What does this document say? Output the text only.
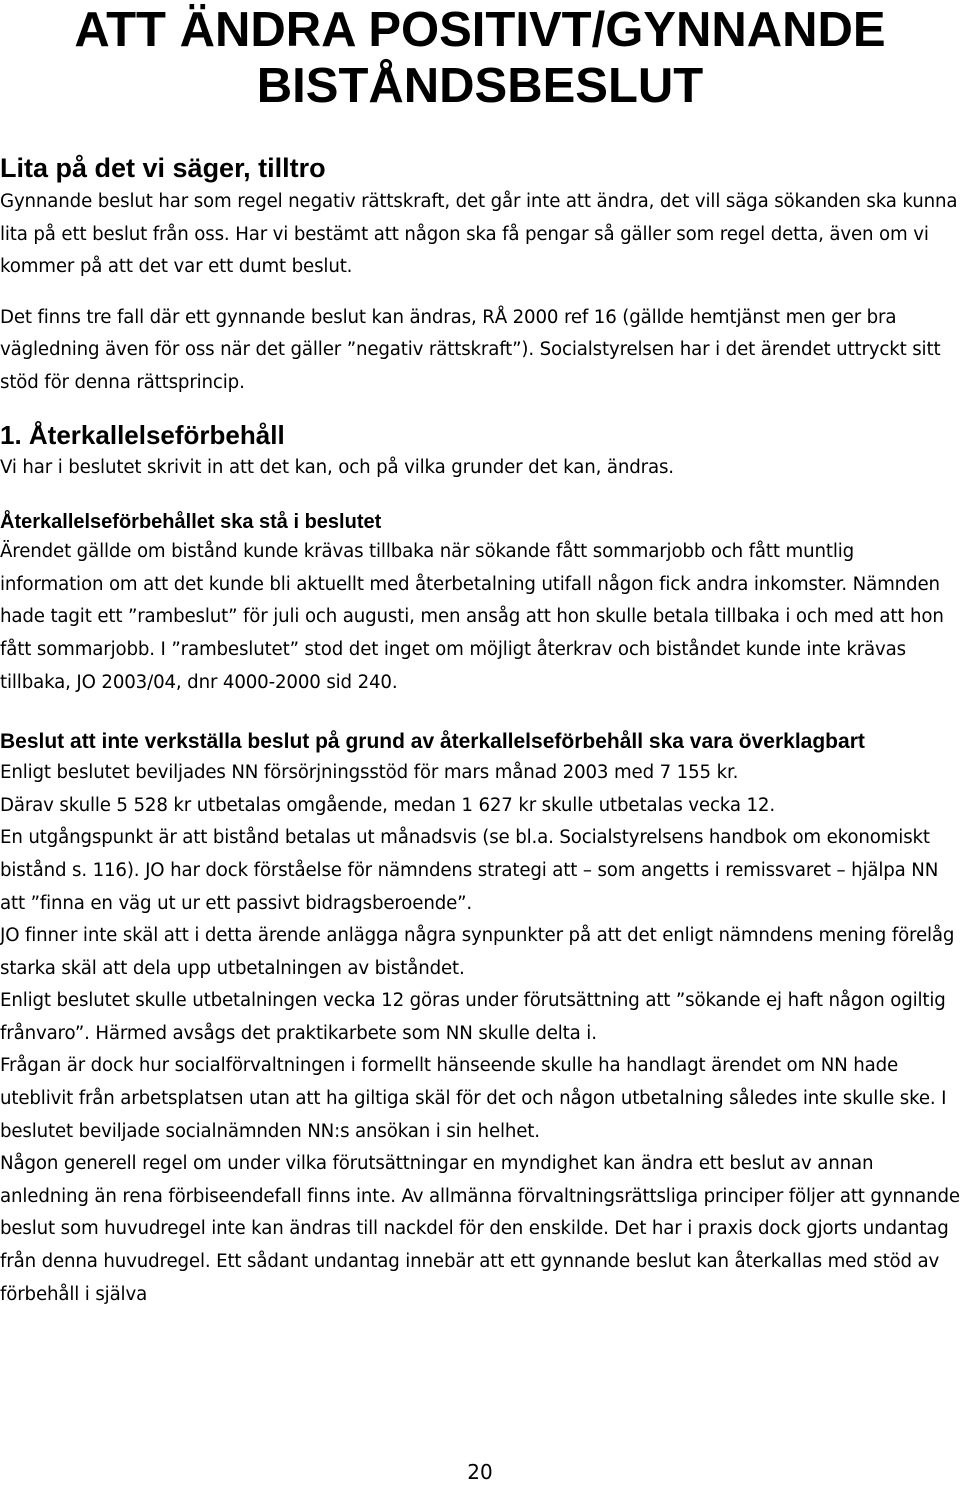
ATT ÄNDRA POSITIVT/GYNNANDE
BISTÅNDSBESLUT
Lita på det vi säger, tilltro

Gynnande beslut har som regel negativ rättskraft, det går inte att ändra, det vill säga sökanden ska kunna lita på ett beslut från oss. Har vi bestämt att någon ska få pengar så gäller som regel detta, även om vi kommer på att det var ett dumt beslut.

Det finns tre fall där ett gynnande beslut kan ändras, RÅ 2000 ref 16 (gällde hemtjänst men ger bra vägledning även för oss när det gäller ”negativ rättskraft”). Socialstyrelsen har i det ärendet uttryckt sitt stöd för denna rättsprincip.

1. Återkallelseförbehåll

Vi har i beslutet skrivit in att det kan, och på vilka grunder det kan, ändras.

Återkallelseförbehållet ska stå i beslutet

Ärendet gällde om bistånd kunde krävas tillbaka när sökande fått sommarjobb och fått muntlig information om att det kunde bli aktuellt med återbetalning utifall någon fick andra inkomster. Nämnden hade tagit ett ”rambeslut” för juli och augusti, men ansåg att hon skulle betala tillbaka i och med att hon fått sommarjobb. I ”rambeslutet” stod det inget om möjligt återkrav och biståndet kunde inte krävas tillbaka, JO 2003/04, dnr 4000-2000 sid 240.

Beslut att inte verkställa beslut på grund av återkallelseförbehåll ska vara överklagbart

Enligt beslutet beviljades NN försörjningsstöd för mars månad 2003 med 7 155 kr.

Därav skulle 5 528 kr utbetalas omgående, medan 1 627 kr skulle utbetalas vecka 12.

En utgångspunkt är att bistånd betalas ut månadsvis (se bl.a. Socialstyrelsens handbok om ekonomiskt bistånd s. 116). JO har dock förståelse för nämndens strategi att – som angetts i remissvaret – hjälpa NN att ”finna en väg ut ur ett passivt bidragsberoende”.

JO finner inte skäl att i detta ärende anlägga några synpunkter på att det enligt nämndens mening förelåg starka skäl att dela upp utbetalningen av biståndet.

Enligt beslutet skulle utbetalningen vecka 12 göras under förutsättning att ”sökande ej haft någon ogiltig frånvaro”. Härmed avsågs det praktikarbete som NN skulle delta i.

Frågan är dock hur socialförvaltningen i formellt hänseende skulle ha handlagt ärendet om NN hade uteblivit från arbetsplatsen utan att ha giltiga skäl för det och någon utbetalning således inte skulle ske. I beslutet beviljade socialnämnden NN:s ansökan i sin helhet.

Någon generell regel om under vilka förutsättningar en myndighet kan ändra ett beslut av annan anledning än rena förbiseendefall finns inte. Av allmänna förvaltningsrättsliga principer följer att gynnande beslut som huvudregel inte kan ändras till nackdel för den enskilde. Det har i praxis dock gjorts undantag från denna huvudregel. Ett sådant undantag innebär att ett gynnande beslut kan återkallas med stöd av förbehåll i själva

20
